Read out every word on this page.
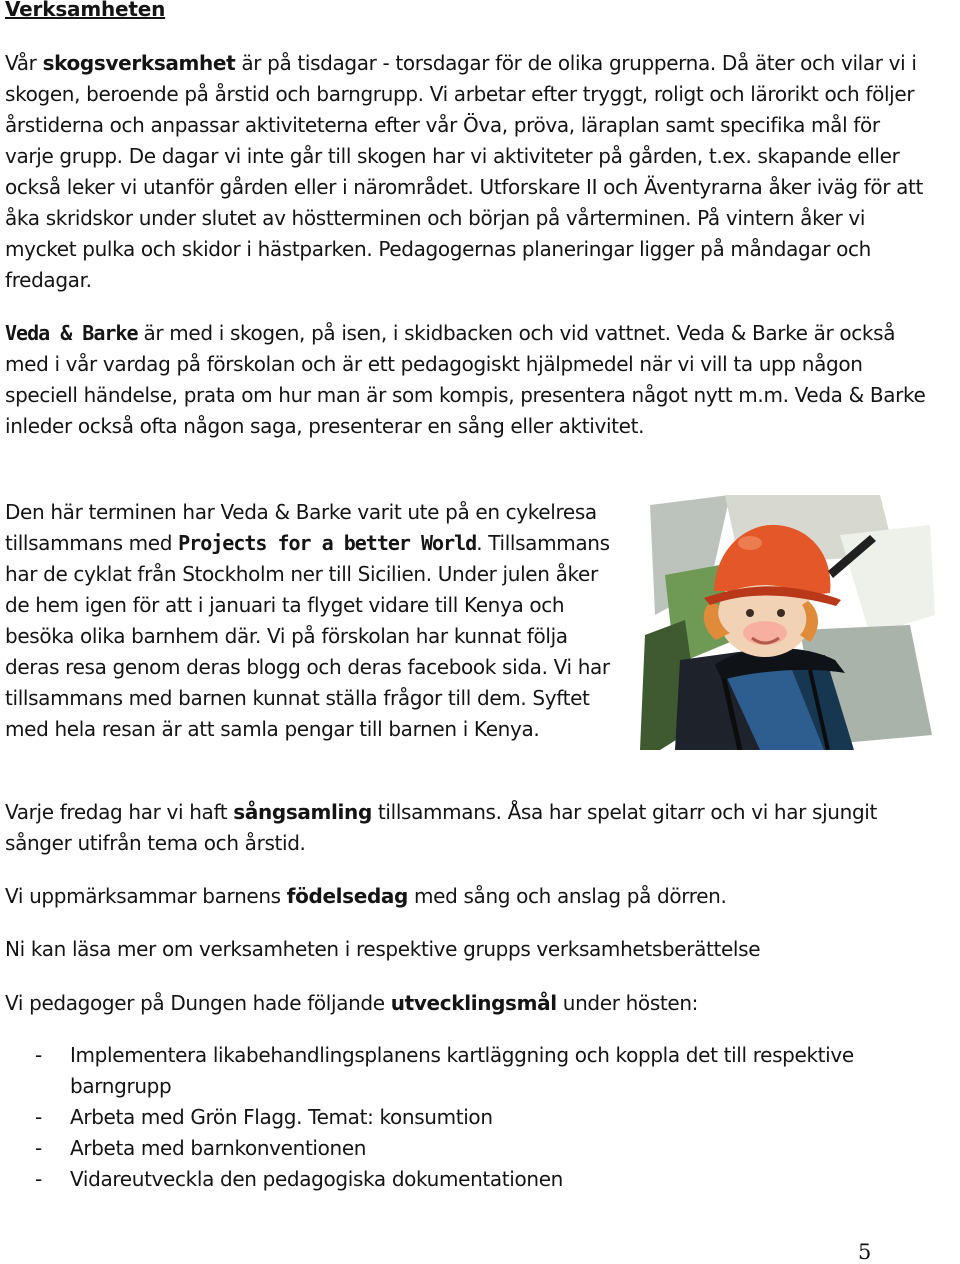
Verksamheten

Vår skogsverksamhet är på tisdagar - torsdagar för de olika grupperna. Då äter och vilar vi i skogen, beroende på årstid och barngrupp. Vi arbetar efter tryggt, roligt och lärorikt och följer årstiderna och anpassar aktiviteterna efter vår Öva, pröva, läraplan samt specifika mål för varje grupp. De dagar vi inte går till skogen har vi aktiviteter på gården, t.ex. skapande eller också leker vi utanför gården eller i närområdet. Utforskare II och Äventyrarna åker iväg för att åka skridskor under slutet av höstterminen och början på vårterminen. På vintern åker vi mycket pulka och skidor i hästparken. Pedagogernas planeringar ligger på måndagar och fredagar.

Veda & Barke är med i skogen, på isen, i skidbacken och vid vattnet. Veda & Barke är också med i vår vardag på förskolan och är ett pedagogiskt hjälpmedel när vi vill ta upp någon speciell händelse, prata om hur man är som kompis, presentera något nytt m.m. Veda & Barke inleder också ofta någon saga, presenterar en sång eller aktivitet.

Den här terminen har Veda & Barke varit ute på en cykelresa tillsammans med Projects for a better World. Tillsammans har de cyklat från Stockholm ner till Sicilien. Under julen åker de hem igen för att i januari ta flyget vidare till Kenya och besöka olika barnhem där. Vi på förskolan har kunnat följa deras resa genom deras blogg och deras facebook sida. Vi har tillsammans med barnen kunnat ställa frågor till dem. Syftet med hela resan är att samla pengar till barnen i Kenya.

Varje fredag har vi haft sångsamling tillsammans. Åsa har spelat gitarr och vi har sjungit sånger utifrån tema och årstid.

Vi uppmärksammar barnens födelsedag med sång och anslag på dörren.

Ni kan läsa mer om verksamheten i respektive grupps verksamhetsberättelse

Vi pedagoger på Dungen hade följande utvecklingsmål under hösten:

- Implementera likabehandlingsplanens kartläggning och koppla det till respektive barngrupp
- Arbeta med Grön Flagg. Temat: konsumtion
- Arbeta med barnkonventionen
- Vidareutveckla den pedagogiska dokumentationen
5
